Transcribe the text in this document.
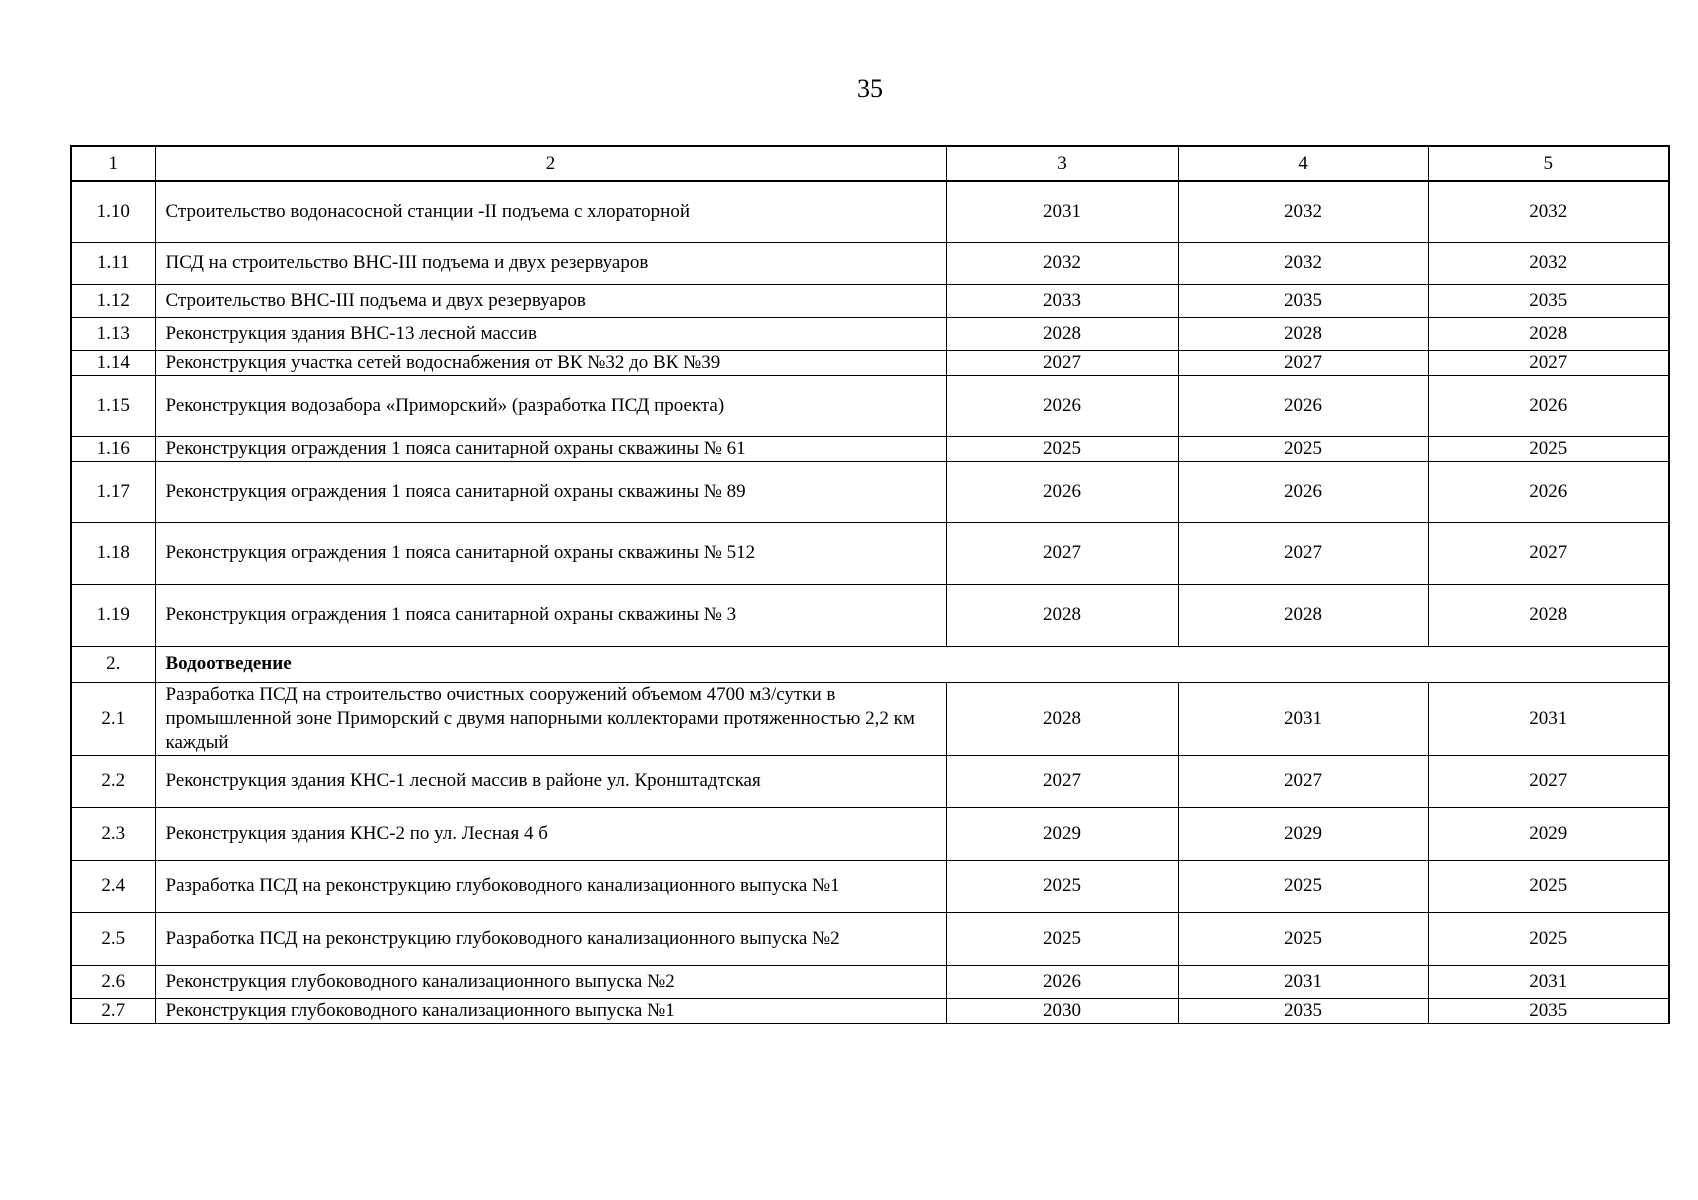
35
1	2	3	4	5
1.10	Строительство водонасосной станции -II подъема с хлораторной	2031	2032	2032
1.11	ПСД на строительство ВНС-III подъема и двух резервуаров	2032	2032	2032
1.12	Строительство ВНС-III подъема и двух резервуаров	2033	2035	2035
1.13	Реконструкция здания ВНС-13 лесной массив	2028	2028	2028
1.14	Реконструкция участка сетей водоснабжения от ВК №32 до ВК №39	2027	2027	2027
1.15	Реконструкция водозабора «Приморский» (разработка ПСД проекта)	2026	2026	2026
1.16	Реконструкция ограждения 1 пояса санитарной охраны скважины № 61	2025	2025	2025
1.17	Реконструкция ограждения 1 пояса санитарной охраны скважины № 89	2026	2026	2026
1.18	Реконструкция ограждения 1 пояса санитарной охраны скважины № 512	2027	2027	2027
1.19	Реконструкция ограждения 1 пояса санитарной охраны скважины № 3	2028	2028	2028
2.	Водоотведение			
2.1	Разработка ПСД на строительство очистных сооружений объемом 4700 м3/сутки в промышленной зоне Приморский с двумя напорными коллекторами протяженностью 2,2 км каждый	2028	2031	2031
2.2	Реконструкция здания КНС-1 лесной массив в районе ул. Кронштадтская	2027	2027	2027
2.3	Реконструкция здания КНС-2 по ул. Лесная 4 б	2029	2029	2029
2.4	Разработка ПСД на реконструкцию глубоководного канализационного выпуска №1	2025	2025	2025
2.5	Разработка ПСД на реконструкцию глубоководного канализационного выпуска №2	2025	2025	2025
2.6	Реконструкция глубоководного канализационного выпуска №2	2026	2031	2031
2.7	Реконструкция глубоководного канализационного выпуска №1	2030	2035	2035
